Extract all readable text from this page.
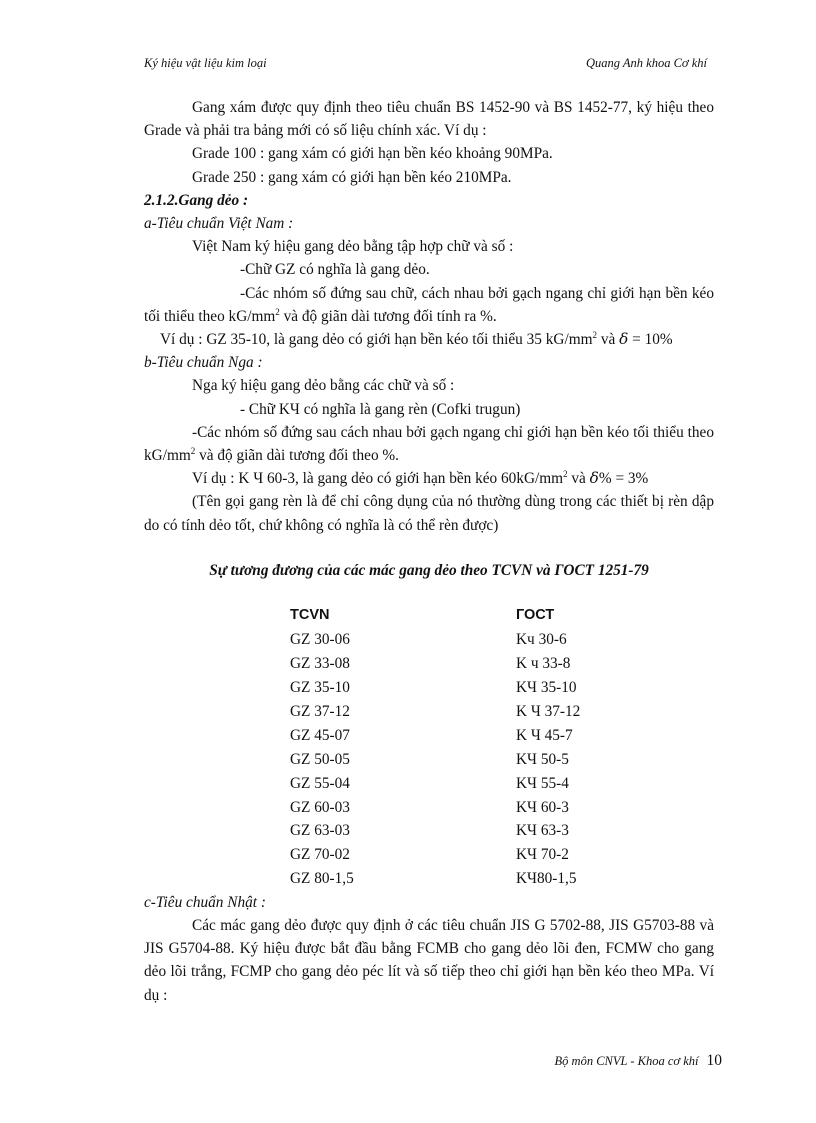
Ký hiệu vật liệu kim loại	Quang Anh khoa Cơ khí

Gang xám được quy định theo tiêu chuẩn BS 1452-90 và BS 1452-77, ký hiệu theo Grade và phải tra bảng mới có số liệu chính xác. Ví dụ :

Grade 100 : gang xám có giới hạn bền kéo khoảng 90MPa.

Grade 250 : gang xám có giới hạn bền kéo 210MPa.

2.1.2.Gang dẻo :

a-Tiêu chuẩn Việt Nam :

Việt Nam ký hiệu gang dẻo bằng tập hợp chữ và số :

-Chữ GZ có nghĩa là gang dẻo.

-Các nhóm số đứng sau chữ, cách nhau bởi gạch ngang chỉ giới hạn bền kéo tối thiểu theo $kG/mm^2$ và độ giãn dài tương đối tính ra %.

Ví dụ : GZ 35-10, là gang dẻo có giới hạn bền kéo tối thiểu 35 $kG/mm^2$ và δ = 10%

b-Tiêu chuẩn Nga :

Nga ký hiệu gang dẻo bằng các chữ và số :

- Chữ KЧ có nghĩa là gang rèn (Cofki trugun)

-Các nhóm số đứng sau cách nhau bởi gạch ngang chỉ giới hạn bền kéo tối thiểu theo $kG/mm^2$ và độ giãn dài tương đối theo %.

Ví dụ : K Ч 60-3, là gang dẻo có giới hạn bền kéo $60kG/mm^2$ và δ% = 3%

(Tên gọi gang rèn là để chỉ công dụng của nó thường dùng trong các thiết bị rèn dập do có tính dẻo tốt, chứ không có nghĩa là có thể rèn được)

Sự tương đương của các mác gang dẻo theo TCVN và ГОСТ 1251-79

TCVN	ГОСТ
GZ 30-06	Kч 30-6
GZ 33-08	K ч 33-8
GZ 35-10	KЧ 35-10
GZ 37-12	K Ч 37-12
GZ 45-07	K Ч 45-7
GZ 50-05	KЧ 50-5
GZ 55-04	KЧ 55-4
GZ 60-03	KЧ 60-3
GZ 63-03	KЧ 63-3
GZ 70-02	KЧ 70-2
GZ 80-1,5	KЧ80-1,5

c-Tiêu chuẩn Nhật :

Các mác gang dẻo được quy định ở các tiêu chuẩn JIS G 5702-88, JIS G5703-88 và JIS G5704-88. Ký hiệu được bắt đầu bằng FCMB cho gang dẻo lõi đen, FCMW cho gang dẻo lõi trắng, FCMP cho gang dẻo péc lít và số tiếp theo chỉ giới hạn bền kéo theo MPa. Ví dụ :

Bộ môn CNVL - Khoa cơ khí 10
